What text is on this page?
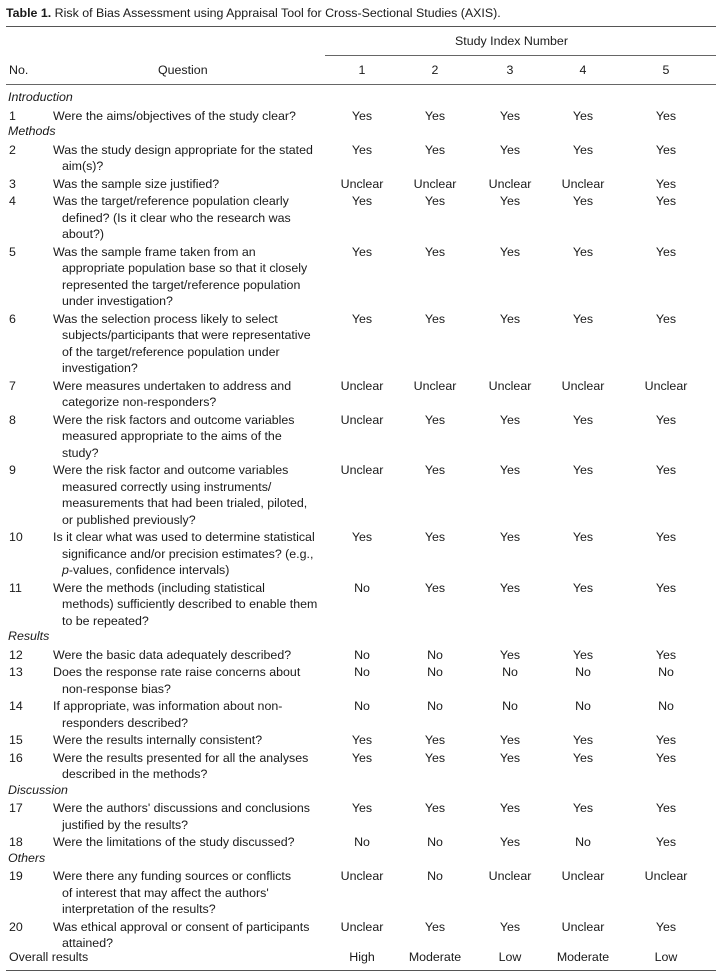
Table 1. Risk of Bias Assessment using Appraisal Tool for Cross-Sectional Studies (AXIS).
Study Index Number
No.	Question	1	2	3	4	5
Introduction
1	Were the aims/objectives of the study clear?	Yes	Yes	Yes	Yes	Yes
Methods
2	Was the study design appropriate for the stated
aim(s)?
Yes	Yes	Yes	Yes	Yes
3	Was the sample size justified?	Unclear	Unclear	Unclear	Unclear	Yes
4	Was the target/reference population clearly
defined? (Is it clear who the research was
about?)
Yes	Yes	Yes	Yes	Yes
5	Was the sample frame taken from an
appropriate population base so that it closely
represented the target/reference population
under investigation?
Yes	Yes	Yes	Yes	Yes
6	Was the selection process likely to select
subjects/participants that were representative
of the target/reference population under
investigation?
Yes	Yes	Yes	Yes	Yes
7	Were measures undertaken to address and
categorize non-responders?
Unclear	Unclear	Unclear	Unclear	Unclear
8	Were the risk factors and outcome variables
measured appropriate to the aims of the
study?
Unclear	Yes	Yes	Yes	Yes
9	Were the risk factor and outcome variables
measured correctly using instruments/
measurements that had been trialed, piloted,
or published previously?
Unclear	Yes	Yes	Yes	Yes
10	Is it clear what was used to determine statistical
significance and/or precision estimates? (e.g.,
p-values, confidence intervals)
Yes	Yes	Yes	Yes	Yes
11	Were the methods (including statistical
methods) sufficiently described to enable them
to be repeated?
No	Yes	Yes	Yes	Yes
Results
12	Were the basic data adequately described?	No	No	Yes	Yes	Yes
13	Does the response rate raise concerns about
non-response bias?
No	No	No	No	No
14	If appropriate, was information about non-
responders described?
No	No	No	No	No
15	Were the results internally consistent?	Yes	Yes	Yes	Yes	Yes
16	Were the results presented for all the analyses
described in the methods?
Yes	Yes	Yes	Yes	Yes
Discussion
17	Were the authors' discussions and conclusions
justified by the results?
Yes	Yes	Yes	Yes	Yes
18	Were the limitations of the study discussed?	No	No	Yes	No	Yes
Others
19	Were there any funding sources or conflicts
of interest that may affect the authors'
interpretation of the results?
Unclear	No	Unclear	Unclear	Unclear
20	Was ethical approval or consent of participants
attained?
Unclear	Yes	Yes	Unclear	Yes
Overall results	High	Moderate	Low	Moderate	Low
